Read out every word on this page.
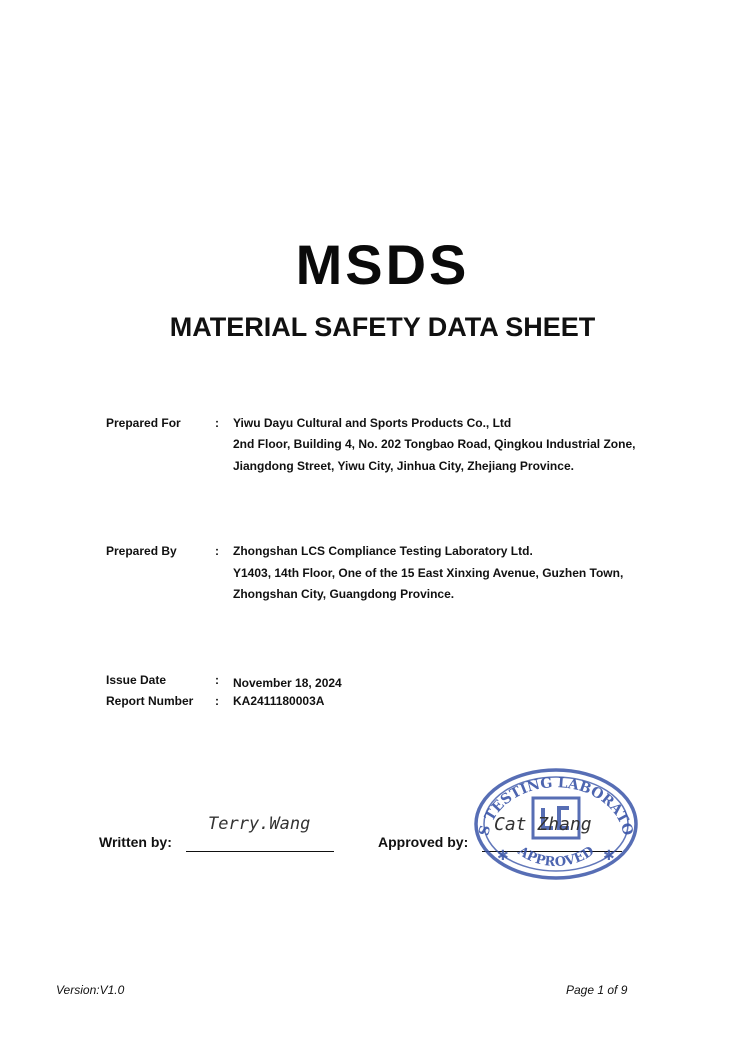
MSDS
MATERIAL SAFETY DATA SHEET
Prepared For	: Yiwu Dayu Cultural and Sports Products Co., Ltd
2nd Floor, Building 4, No. 202 Tongbao Road, Qingkou Industrial Zone,
Jiangdong Street, Yiwu City, Jinhua City, Zhejiang Province.
Prepared By	: Zhongshan LCS Compliance Testing Laboratory Ltd.
Y1403, 14th Floor, One of the 15 East Xinxing Avenue, Guzhen Town,
Zhongshan City, Guangdong Province.
Issue Date	: November 18, 2024
Report Number	: KA2411180003A
Written by:
Terry.Wang
Approved by:
LCS TESTING LABORATORY
APPROVED
✱	✱
Cat Zhang
Version:V1.0	Page 1 of 9
